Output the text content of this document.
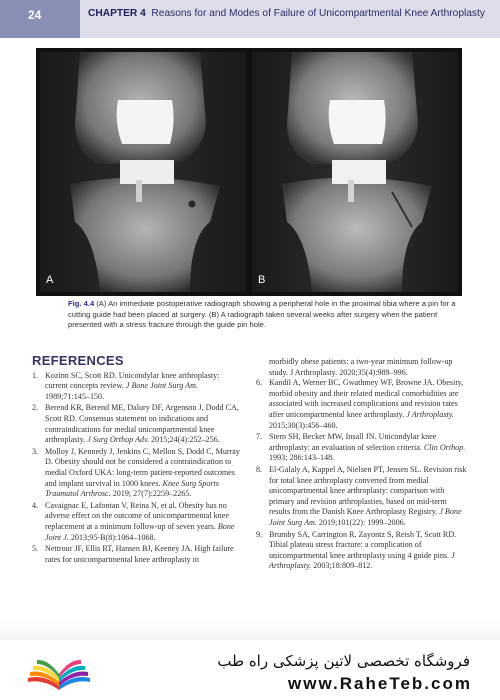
24	CHAPTER 4 Reasons for and Modes of Failure of Unicompartmental Knee Arthroplasty
A	B
Fig. 4.4 (A) An immediate postoperative radiograph showing a peripheral hole in the proximal tibia where a pin for a cutting guide had been placed at surgery. (B) A radiograph taken several weeks after surgery when the patient presented with a stress fracture through the guide pin hole.
REFERENCES
1. Kozinn SC, Scott RD. Unicondylar knee arthroplasty: current concepts review. J Bone Joint Surg Am. 1989;71:145–150.
2. Berend KR, Berend ME, Dalury DF, Argenson J, Dodd CA, Scott RD. Consensus statement on indications and contraindications for medial unicompartmental knee arthroplasty. J Surg Orthop Adv. 2015;24(4):252–256.
3. Molloy J, Kennedy J, Jenkins C, Mellon S, Dodd C, Murray D. Obesity should not be considered a contraindication to medial Oxford UKA: long-term patient-reported outcomes and implant survival in 1000 knees. Knee Surg Sports Traumatol Arthrosc. 2019; 27(7):2259–2265.
4. Cavaignac E, Lafontan V, Reina N, et al. Obesity has no adverse effect on the outcome of unicompartmental knee replacement at a minimum follow-up of seven years. Bone Joint J. 2013;95-B(8):1064–1068.
5. Nettrour JF, Ellis RT, Hansen BJ, Keeney JA. High failure rates for unicompartmental knee arthroplasty in
morbidly obese patients: a two-year minimum follow-up study. J Arthroplasty. 2020;35(4):989–996.
6. Kandil A, Werner BC, Gwathmey WF, Browne JA. Obesity, morbid obesity and their related medical comorbidities are associated with increased complications and revision rates after unicompartmental knee arthroplasty. J Arthroplasty. 2015;30(3):456–460.
7. Stern SH, Becker MW, Insall JN. Unicondylar knee arthroplasty: an evaluation of selection criteria. Clin Orthop. 1993; 286:143–148.
8. El-Galaly A, Kappel A, Nielsen PT, Jensen SL. Revision risk for total knee arthroplasty converted from medial unicompartmental knee arthroplasty: comparison with primary and revision arthroplasties, based on mid-term results from the Danish Knee Arthroplasty Registry. J Bone Joint Surg Am. 2019;101(22): 1999–2006.
9. Brumby SA, Carrington R, Zayontz S, Reish T, Scott RD. Tibial plateau stress fracture: a complication of unicompartmental knee arthroplasty using 4 guide pins. J Arthroplasty. 2003;18:809–812.
فروشگاه تخصصی لاتین پزشکی راه طب
www.RaheTeb.com
